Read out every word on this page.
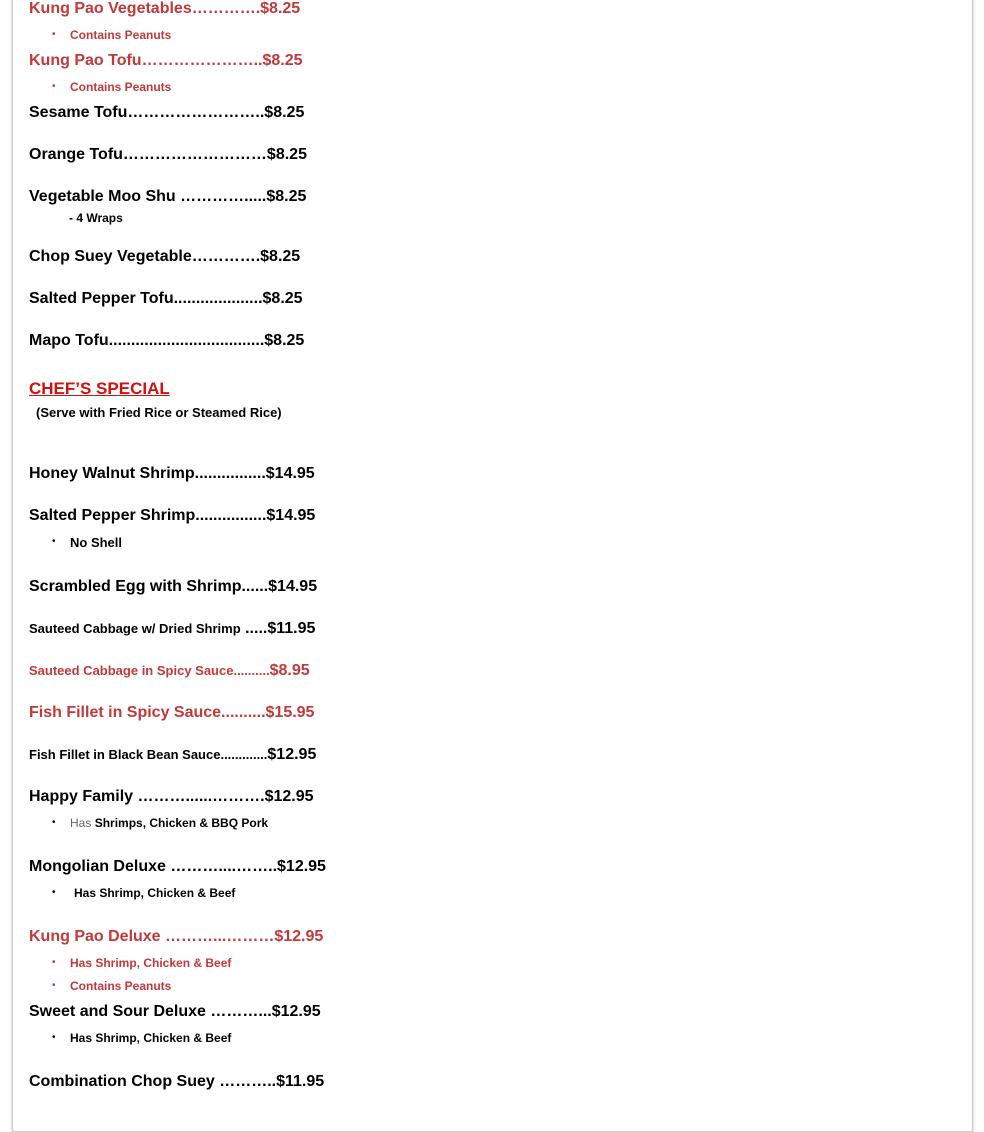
Kung Pao Vegetables………….$8.25
• Contains Peanuts
Kung Pao Tofu…………………..$8.25
• Contains Peanuts
Sesame Tofu……………………..$8.25
Orange Tofu………………………$8.25
Vegetable Moo Shu ………….....$8.25
- 4 Wraps
Chop Suey Vegetable………….$8.25
Salted Pepper Tofu....................$8.25
Mapo Tofu...................................$8.25
CHEF’S SPECIAL
(Serve with Fried Rice or Steamed Rice)
Honey Walnut Shrimp................$14.95
Salted Pepper Shrimp................$14.95
• No Shell
Scrambled Egg with Shrimp......$14.95
Sauteed Cabbage w/ Dried Shrimp .....$11.95
Sauteed Cabbage in Spicy Sauce..........$8.95
Fish Fillet in Spicy Sauce..........$15.95
Fish Fillet in Black Bean Sauce.............$12.95
Happy Family ………......……….$12.95
• Has Shrimps, Chicken & BBQ Pork
Mongolian Deluxe ………....……..$12.95
• Has Shrimp, Chicken & Beef
Kung Pao Deluxe ………...………$12.95
• Has Shrimp, Chicken & Beef
• Contains Peanuts
Sweet and Sour Deluxe ………...$12.95
• Has Shrimp, Chicken & Beef
Combination Chop Suey ………..$11.95
